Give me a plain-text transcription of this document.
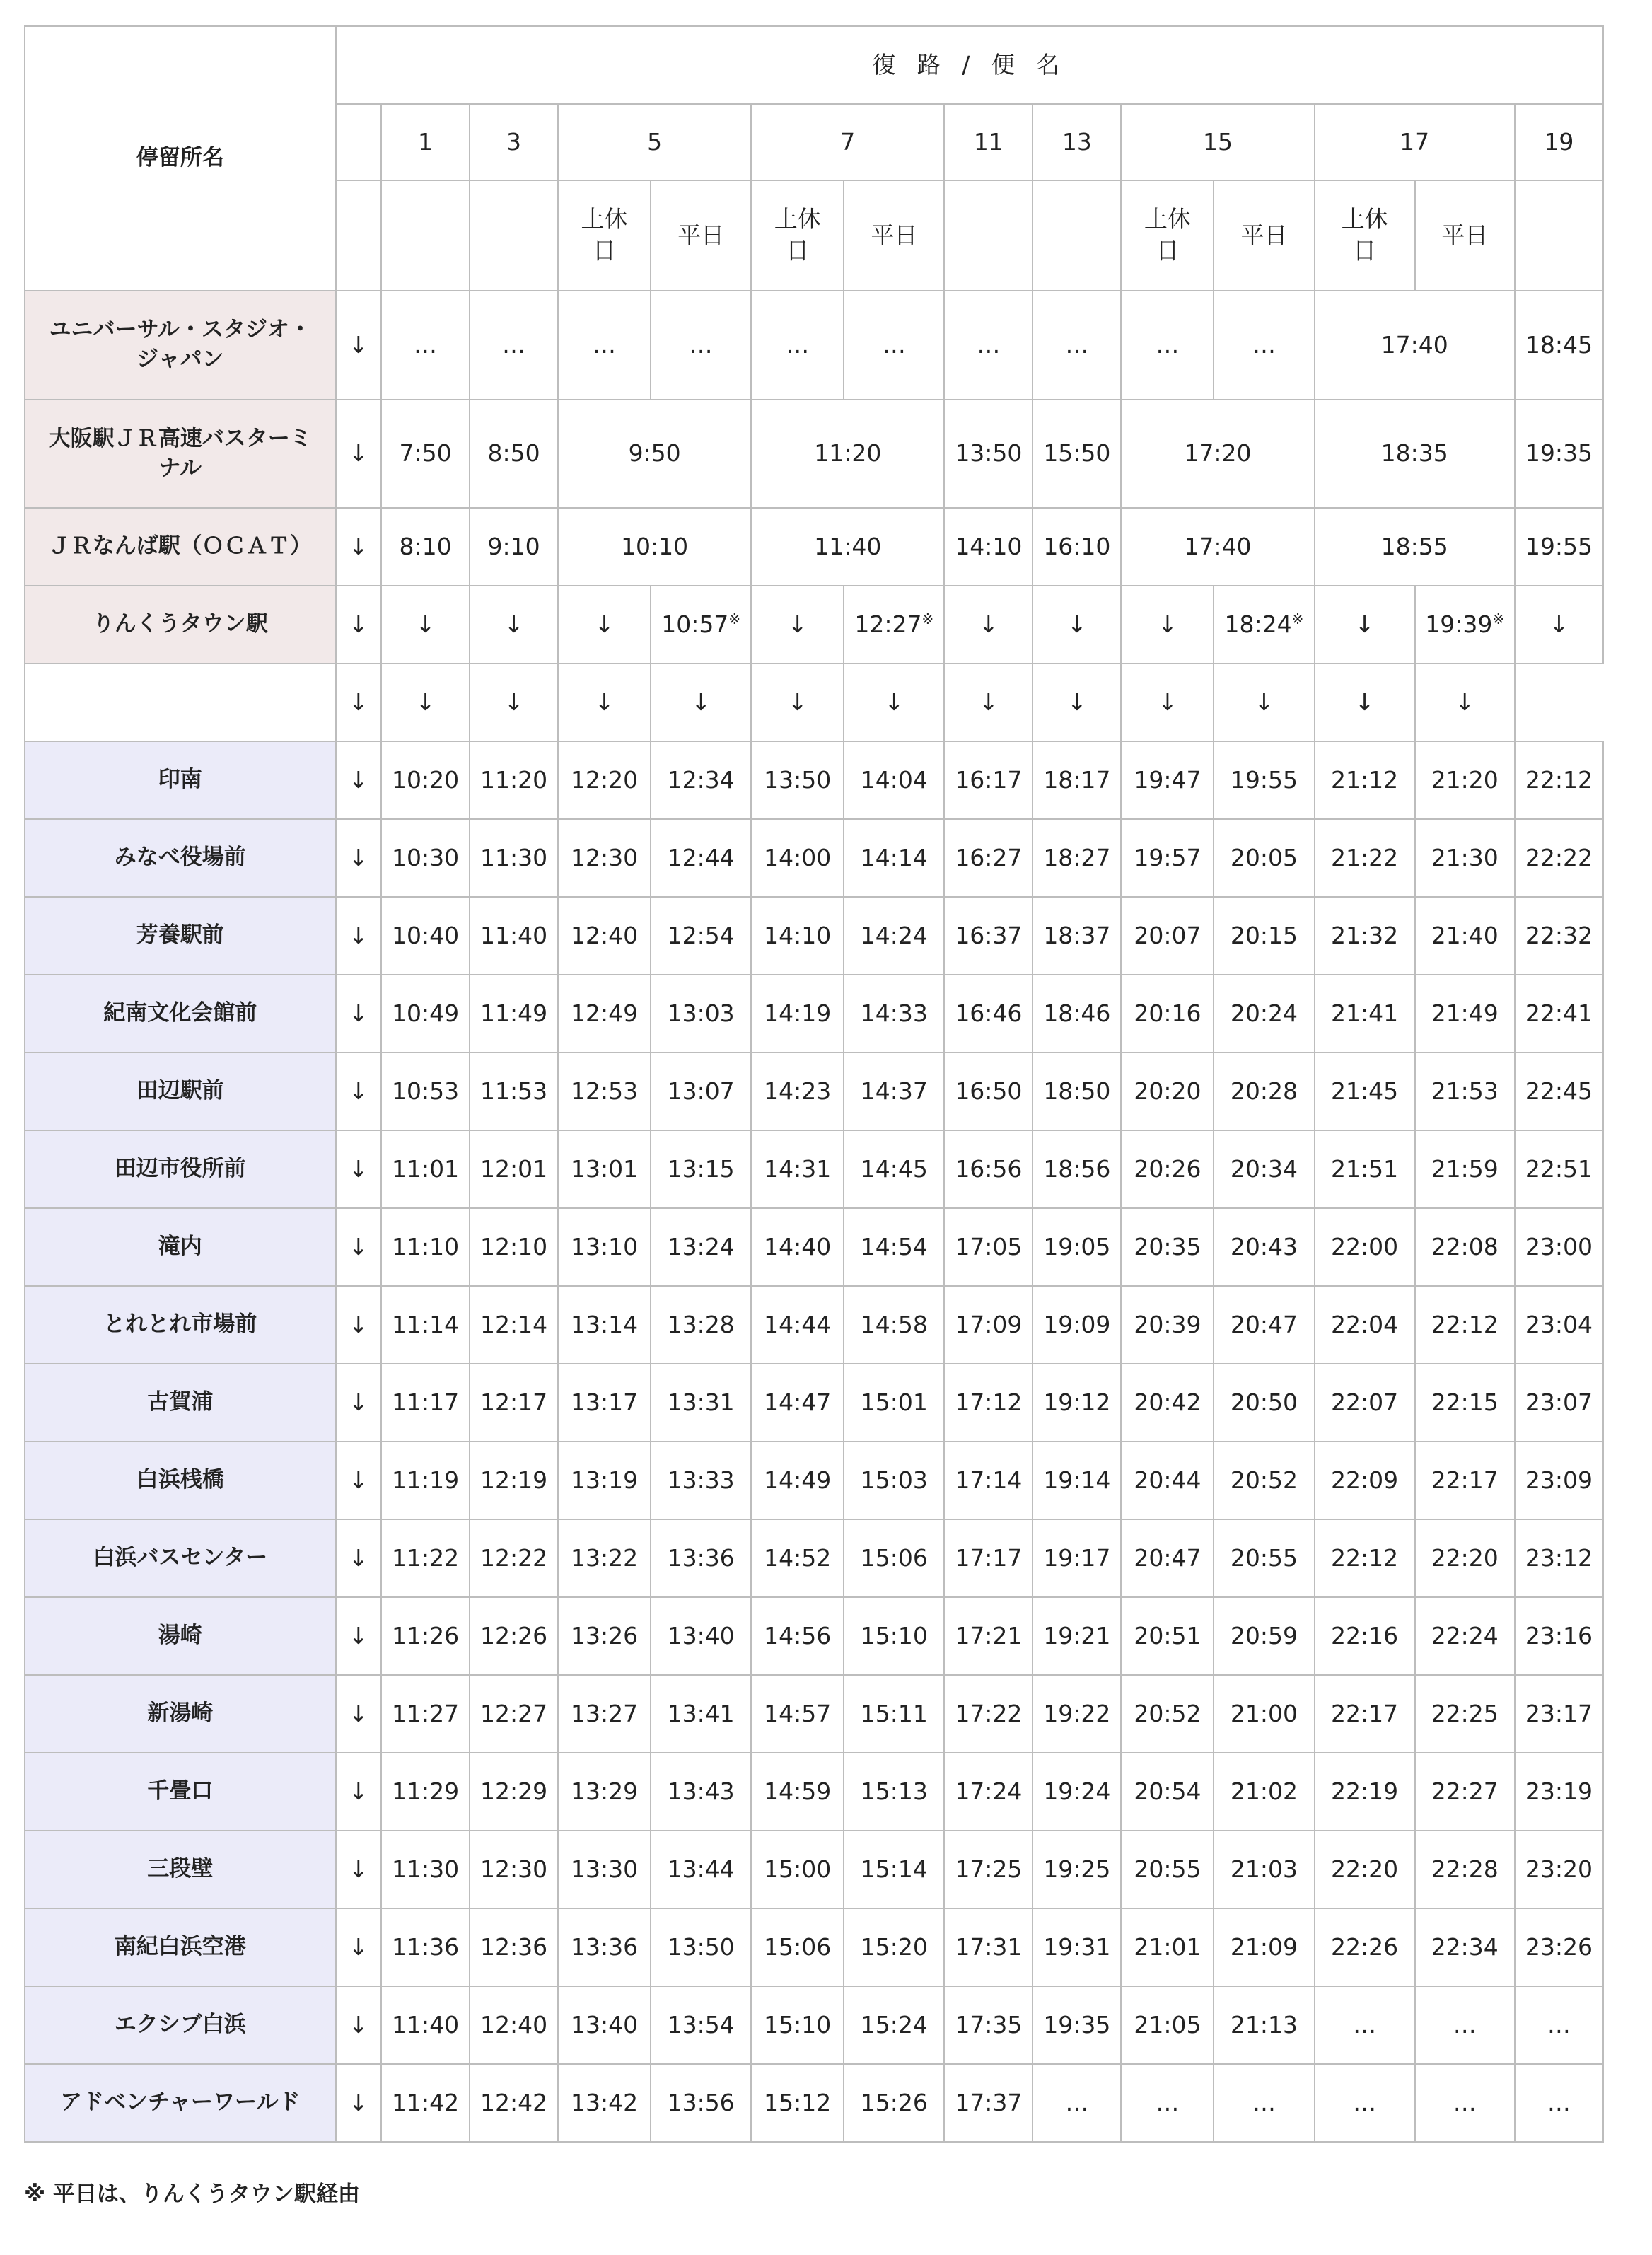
停留所名	復 路 / 便 名													
		1	3	5		7		11	13	15		17		19
				土休日	平日	土休日	平日			土休日	平日	土休日	平日	
ユニバーサル・スタジオ・ジャパン	↓	…	…	…	…	…	…	…	…	…	…	17:40		18:45
大阪駅ＪＲ高速バスターミナル	↓	7:50	8:50	9:50		11:20		13:50	15:50	17:20		18:35		19:35
ＪＲなんば駅（ＯＣＡＴ）	↓	8:10	9:10	10:10		11:40		14:10	16:10	17:40		18:55		19:55
りんくうタウン駅	↓	↓	↓	↓	10:57※	↓	12:27※	↓	↓	↓	18:24※	↓	19:39※	↓
	↓	↓	↓	↓	↓	↓	↓	↓	↓	↓	↓	↓	↓	
印南	↓	10:20	11:20	12:20	12:34	13:50	14:04	16:17	18:17	19:47	19:55	21:12	21:20	22:12
みなべ役場前	↓	10:30	11:30	12:30	12:44	14:00	14:14	16:27	18:27	19:57	20:05	21:22	21:30	22:22
芳養駅前	↓	10:40	11:40	12:40	12:54	14:10	14:24	16:37	18:37	20:07	20:15	21:32	21:40	22:32
紀南文化会館前	↓	10:49	11:49	12:49	13:03	14:19	14:33	16:46	18:46	20:16	20:24	21:41	21:49	22:41
田辺駅前	↓	10:53	11:53	12:53	13:07	14:23	14:37	16:50	18:50	20:20	20:28	21:45	21:53	22:45
田辺市役所前	↓	11:01	12:01	13:01	13:15	14:31	14:45	16:56	18:56	20:26	20:34	21:51	21:59	22:51
滝内	↓	11:10	12:10	13:10	13:24	14:40	14:54	17:05	19:05	20:35	20:43	22:00	22:08	23:00
とれとれ市場前	↓	11:14	12:14	13:14	13:28	14:44	14:58	17:09	19:09	20:39	20:47	22:04	22:12	23:04
古賀浦	↓	11:17	12:17	13:17	13:31	14:47	15:01	17:12	19:12	20:42	20:50	22:07	22:15	23:07
白浜桟橋	↓	11:19	12:19	13:19	13:33	14:49	15:03	17:14	19:14	20:44	20:52	22:09	22:17	23:09
白浜バスセンター	↓	11:22	12:22	13:22	13:36	14:52	15:06	17:17	19:17	20:47	20:55	22:12	22:20	23:12
湯崎	↓	11:26	12:26	13:26	13:40	14:56	15:10	17:21	19:21	20:51	20:59	22:16	22:24	23:16
新湯崎	↓	11:27	12:27	13:27	13:41	14:57	15:11	17:22	19:22	20:52	21:00	22:17	22:25	23:17
千畳口	↓	11:29	12:29	13:29	13:43	14:59	15:13	17:24	19:24	20:54	21:02	22:19	22:27	23:19
三段壁	↓	11:30	12:30	13:30	13:44	15:00	15:14	17:25	19:25	20:55	21:03	22:20	22:28	23:20
南紀白浜空港	↓	11:36	12:36	13:36	13:50	15:06	15:20	17:31	19:31	21:01	21:09	22:26	22:34	23:26
エクシブ白浜	↓	11:40	12:40	13:40	13:54	15:10	15:24	17:35	19:35	21:05	21:13	…	…	…
アドベンチャーワールド	↓	11:42	12:42	13:42	13:56	15:12	15:26	17:37	…	…	…	…	…	…
※ 平日は、りんくうタウン駅経由
